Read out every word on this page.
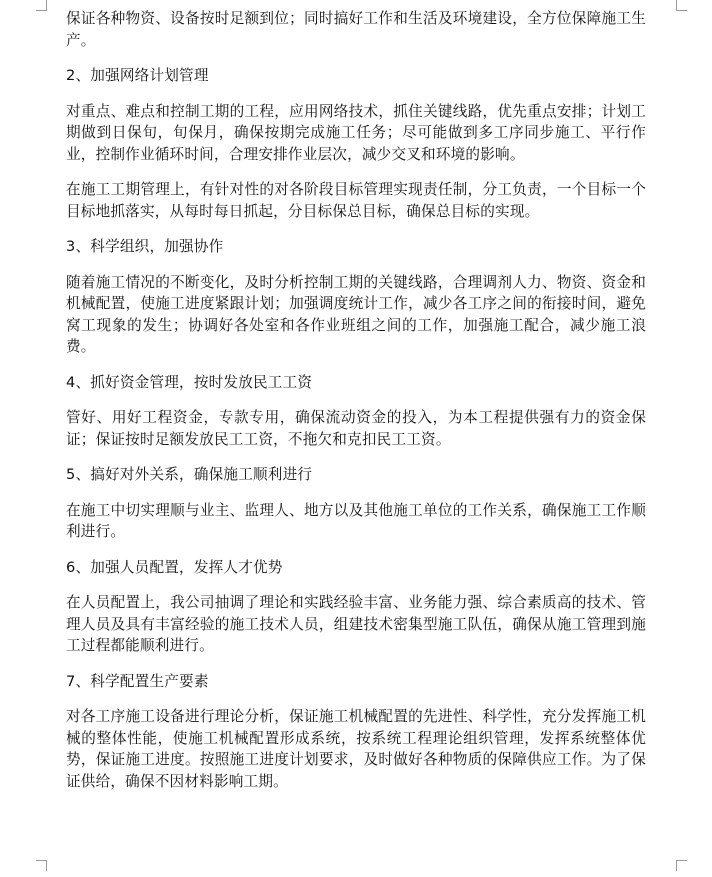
保证各种物资、设备按时足额到位；同时搞好工作和生活及环境建设，全方位保障施工生产。

2、加强网络计划管理

对重点、难点和控制工期的工程，应用网络技术，抓住关键线路，优先重点安排；计划工期做到日保旬，旬保月，确保按期完成施工任务；尽可能做到多工序同步施工、平行作业，控制作业循环时间，合理安排作业层次，减少交叉和环境的影响。

在施工工期管理上，有针对性的对各阶段目标管理实现责任制，分工负责，一个目标一个目标地抓落实，从每时每日抓起，分目标保总目标，确保总目标的实现。

3、科学组织，加强协作

随着施工情况的不断变化，及时分析控制工期的关键线路，合理调剂人力、物资、资金和机械配置，使施工进度紧跟计划；加强调度统计工作，减少各工序之间的衔接时间，避免窝工现象的发生；协调好各处室和各作业班组之间的工作，加强施工配合，减少施工浪费。

4、抓好资金管理，按时发放民工工资

管好、用好工程资金，专款专用，确保流动资金的投入，为本工程提供强有力的资金保证；保证按时足额发放民工工资，不拖欠和克扣民工工资。

5、搞好对外关系，确保施工顺利进行

在施工中切实理顺与业主、监理人、地方以及其他施工单位的工作关系，确保施工工作顺利进行。

6、加强人员配置，发挥人才优势

在人员配置上，我公司抽调了理论和实践经验丰富、业务能力强、综合素质高的技术、管理人员及具有丰富经验的施工技术人员，组建技术密集型施工队伍，确保从施工管理到施工过程都能顺利进行。

7、科学配置生产要素

对各工序施工设备进行理论分析，保证施工机械配置的先进性、科学性，充分发挥施工机械的整体性能，使施工机械配置形成系统，按系统工程理论组织管理，发挥系统整体优势，保证施工进度。按照施工进度计划要求，及时做好各种物质的保障供应工作。为了保证供给，确保不因材料影响工期。
